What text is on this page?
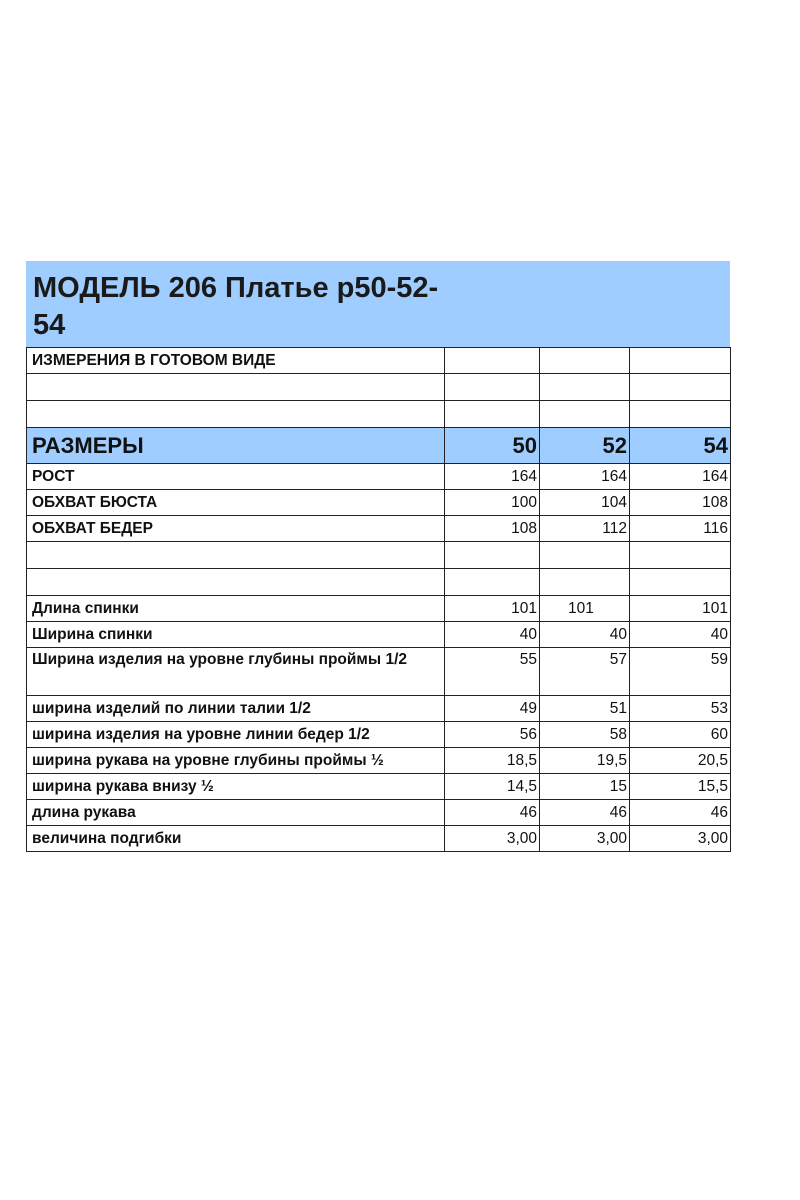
МОДЕЛЬ 206 Платье р50-52-54

ИЗМЕРЕНИЯ В ГОТОВОМ ВИДЕ			

РАЗМЕРЫ	50	52	54
РОСТ	164	164	164
ОБХВАТ БЮСТА	100	104	108
ОБХВАТ БЕДЕР	108	112	116

Длина спинки	101	101	101
Ширина спинки	40	40	40
Ширина изделия на уровне глубины проймы 1/2	55	57	59
ширина изделий по линии талии 1/2	49	51	53
ширина изделия на уровне линии бедер 1/2	56	58	60
ширина рукава на уровне глубины проймы ½	18,5	19,5	20,5
ширина рукава внизу ½	14,5	15	15,5
длина рукава	46	46	46
величина подгибки	3,00	3,00	3,00
